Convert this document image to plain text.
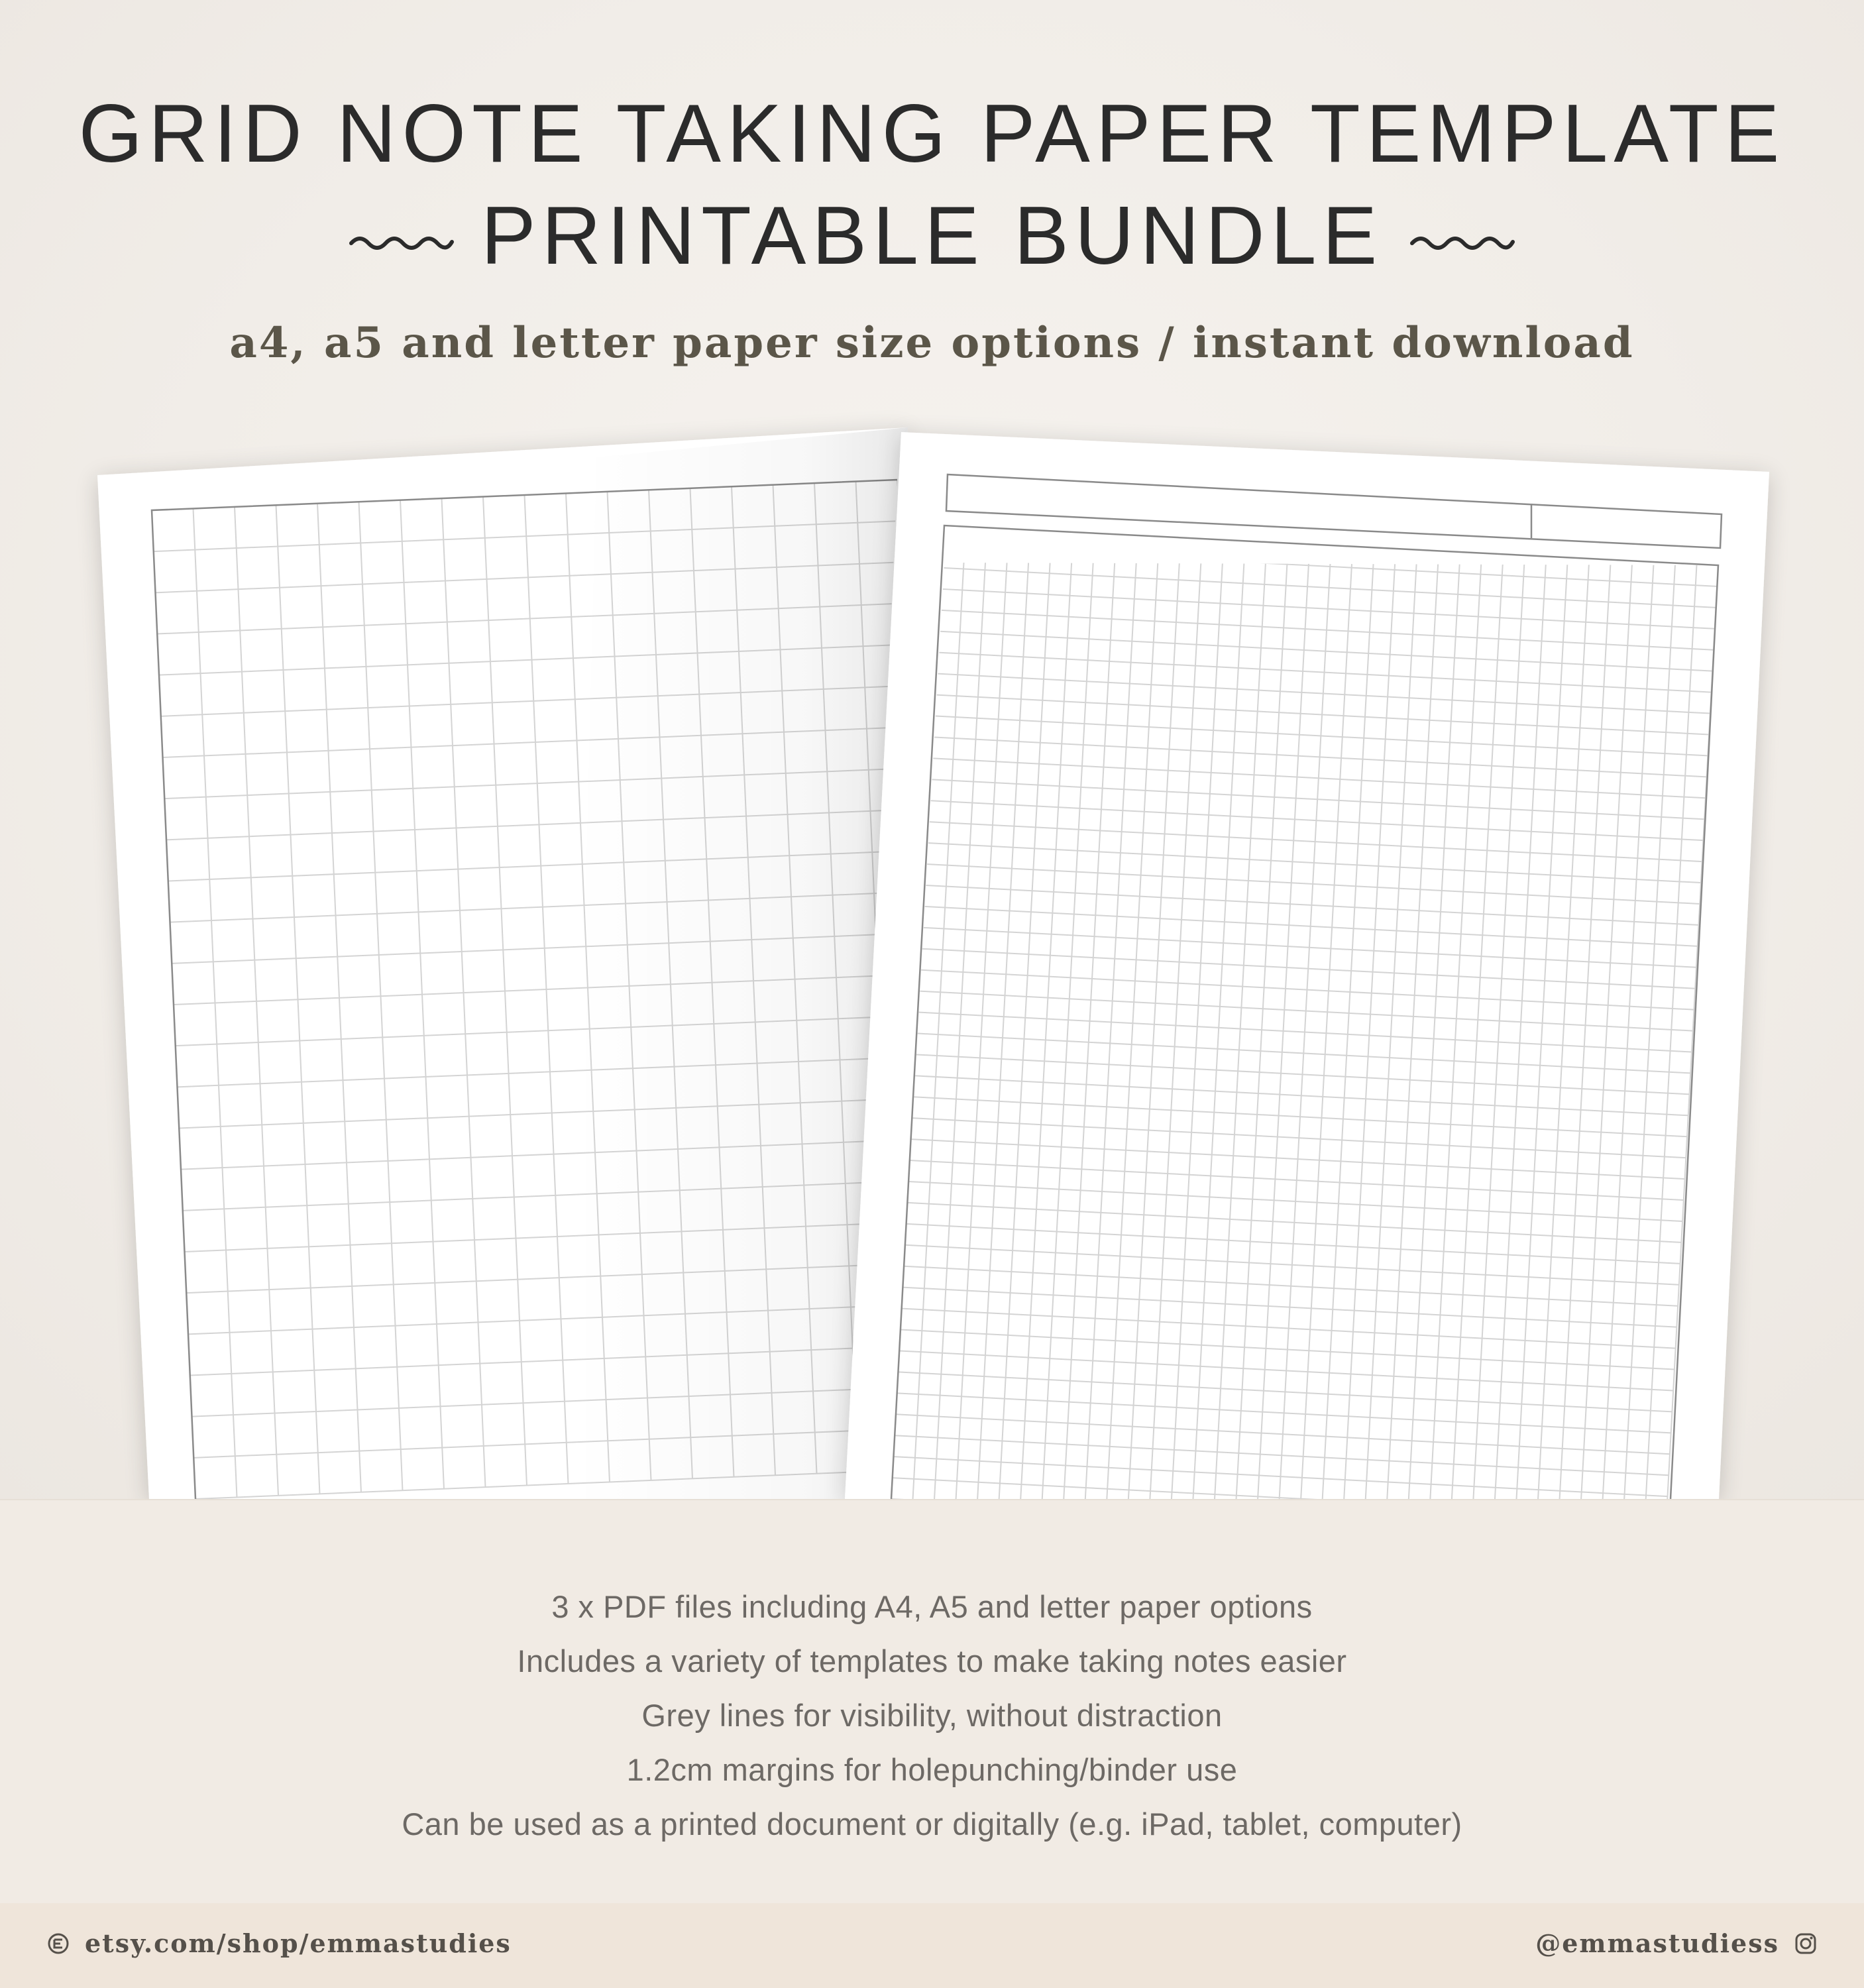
GRID NOTE TAKING PAPER TEMPLATE
PRINTABLE BUNDLE
a4, a5 and letter paper size options / instant download
3 x PDF files including A4, A5 and letter paper options
Includes a variety of templates to make taking notes easier
Grey lines for visibility, without distraction
1.2cm margins for holepunching/binder use
Can be used as a printed document or digitally (e.g. iPad, tablet, computer)
etsy.com/shop/emmastudies	@emmastudiess
